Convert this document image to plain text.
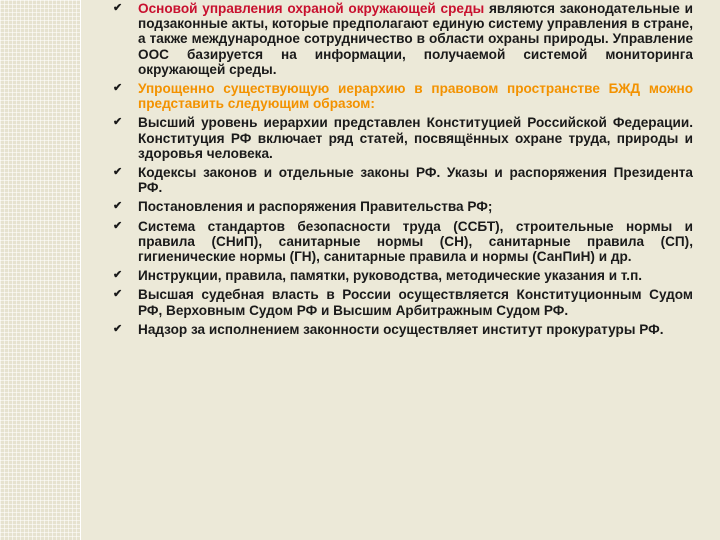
✔︎	Основой управления охраной окружающей среды являются законодательные и подзаконные акты, которые предполагают единую систему управления в стране, а также международное сотрудничество в области охраны природы. Управление ООС базируется на информации, получаемой системой мониторинга окружающей среды.
✔︎	Упрощенно существующую иерархию в правовом пространстве БЖД можно представить следующим образом:
✔︎	Высший уровень иерархии представлен Конституцией Российской Федерации. Конституция РФ включает ряд статей, посвящённых охране труда, природы и здоровья человека.
✔︎	Кодексы законов и отдельные законы РФ. Указы и распоряжения Президента РФ.
✔︎	Постановления и распоряжения Правительства РФ;
✔︎	Система стандартов безопасности труда (ССБТ), строительные нормы и правила (СНиП), санитарные нормы (СН), санитарные правила (СП), гигиенические нормы (ГН), санитарные правила и нормы (СанПиН) и др.
✔︎	Инструкции, правила, памятки, руководства, методические указания и т.п.
✔︎	Высшая судебная власть в России осуществляется Конституционным Судом РФ, Верховным Судом РФ и Высшим Арбитражным Судом РФ.
✔︎	Надзор за исполнением законности осуществляет институт прокуратуры РФ.
